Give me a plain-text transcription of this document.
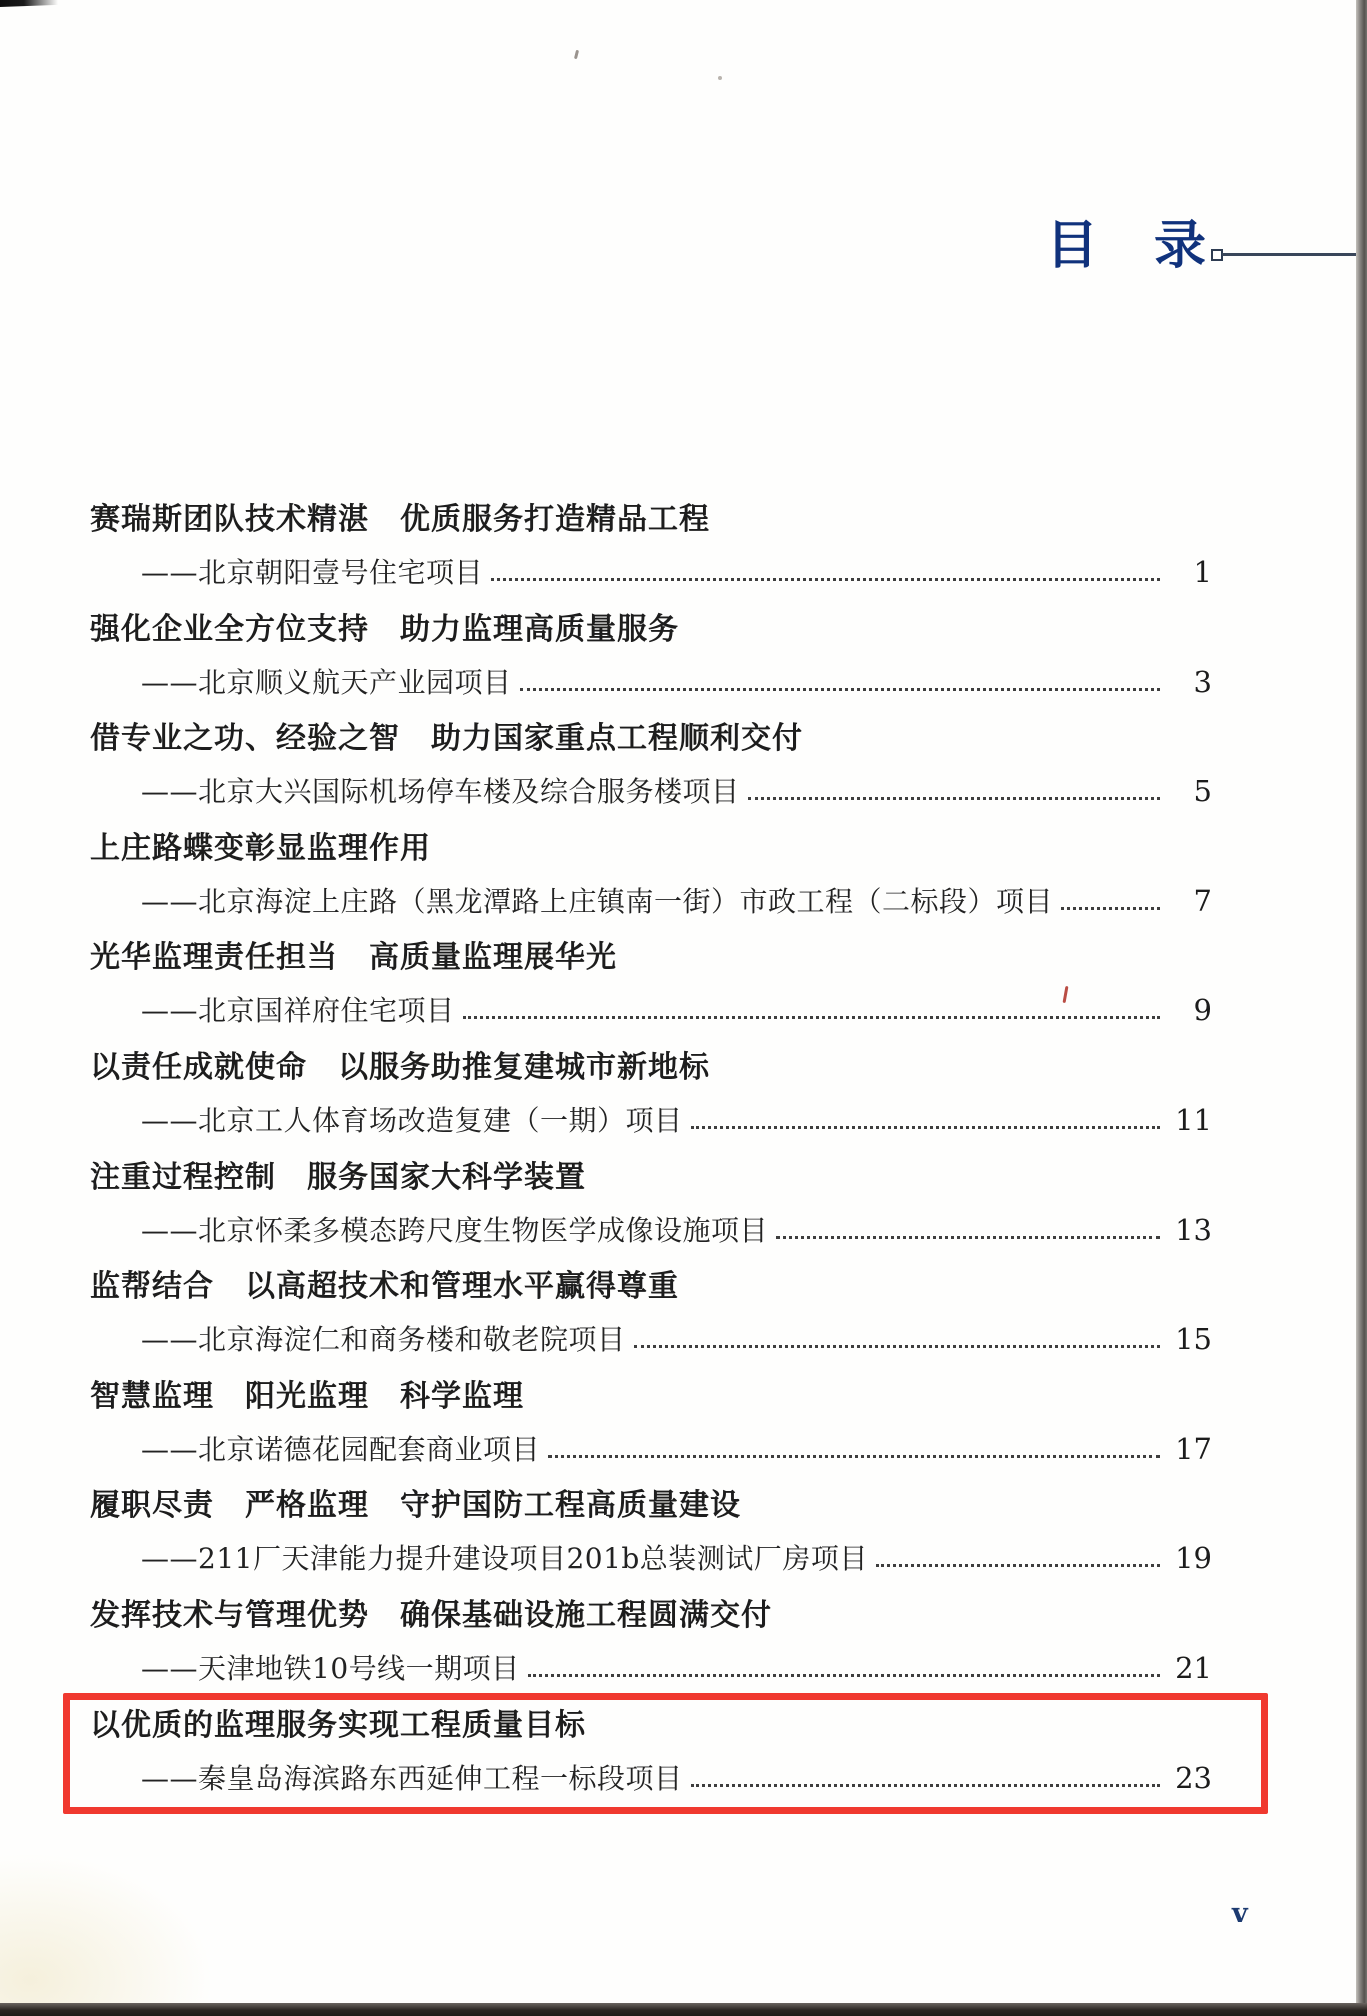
目　录
赛瑞斯团队技术精湛　优质服务打造精品工程
——北京朝阳壹号住宅项目	1
强化企业全方位支持　助力监理高质量服务
——北京顺义航天产业园项目	3
借专业之功、经验之智　助力国家重点工程顺利交付
——北京大兴国际机场停车楼及综合服务楼项目	5
上庄路蝶变彰显监理作用
——北京海淀上庄路（黑龙潭路上庄镇南一街）市政工程（二标段）项目	7
光华监理责任担当　高质量监理展华光
——北京国祥府住宅项目	9
以责任成就使命　以服务助推复建城市新地标
——北京工人体育场改造复建（一期）项目	11
注重过程控制　服务国家大科学装置
——北京怀柔多模态跨尺度生物医学成像设施项目	13
监帮结合　以高超技术和管理水平赢得尊重
——北京海淀仁和商务楼和敬老院项目	15
智慧监理　阳光监理　科学监理
——北京诺德花园配套商业项目	17
履职尽责　严格监理　守护国防工程高质量建设
——211厂天津能力提升建设项目201b总装测试厂房项目	19
发挥技术与管理优势　确保基础设施工程圆满交付
——天津地铁10号线一期项目	21
以优质的监理服务实现工程质量目标
——秦皇岛海滨路东西延伸工程一标段项目	23
v
